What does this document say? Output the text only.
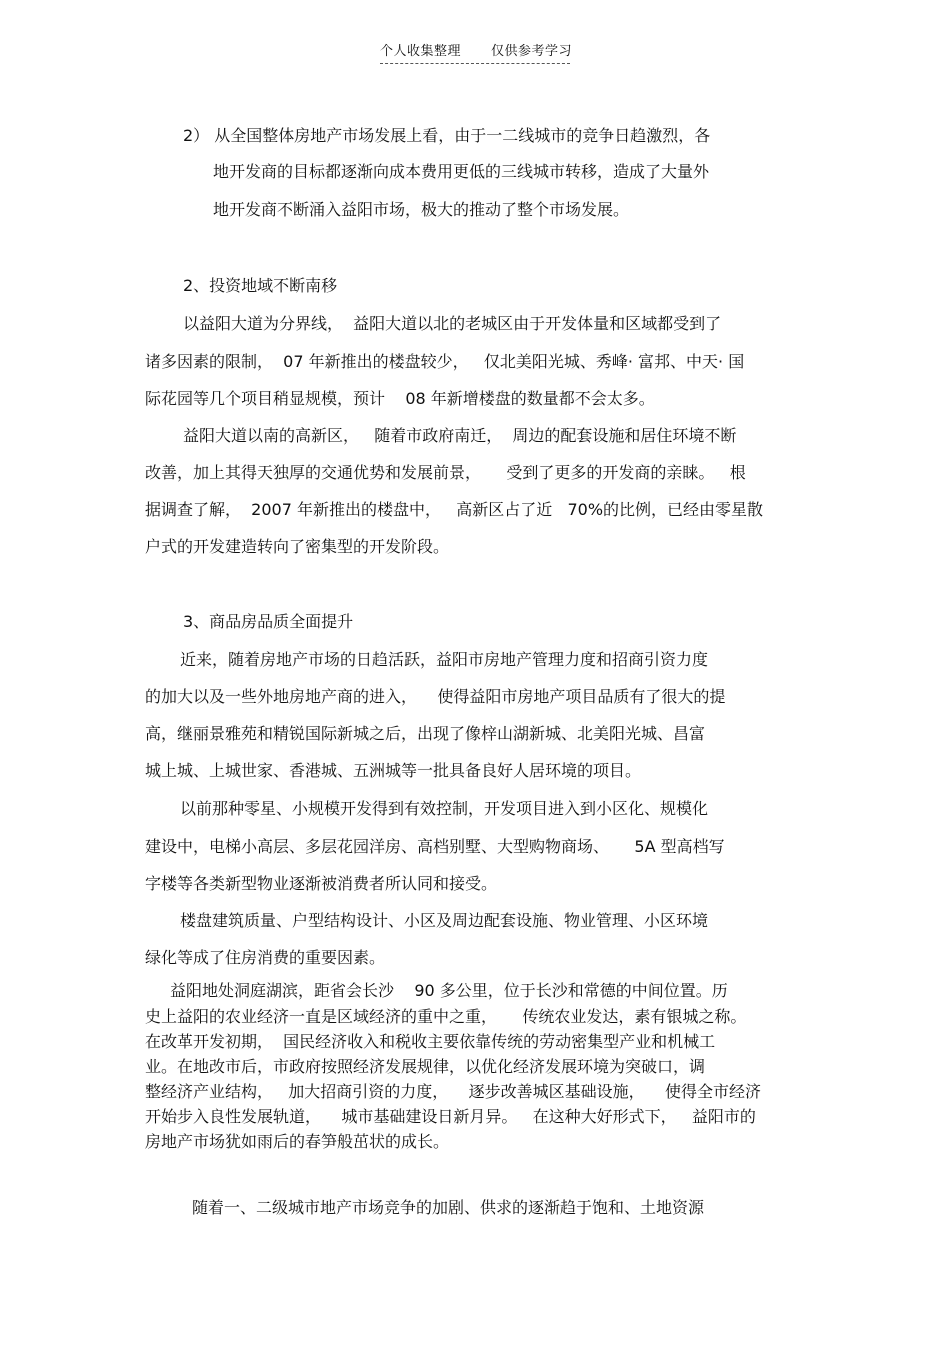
个人收集整理 仅供参考学习
2） 从全国整体房地产市场发展上看，由于一二线城市的竞争日趋激烈，各
地开发商的目标都逐渐向成本费用更低的三线城市转移，造成了大量外
地开发商不断涌入益阳市场，极大的推动了整个市场发展。
2、投资地域不断南移
以益阳大道为分界线，  益阳大道以北的老城区由于开发体量和区域都受到了
诸多因素的限制，  07 年新推出的楼盘较少，   仅北美阳光城、秀峰· 富邦、中天· 国
际花园等几个项目稍显规模，预计    08 年新增楼盘的数量都不会太多。
益阳大道以南的高新区，   随着市政府南迁，  周边的配套设施和居住环境不断
改善，加上其得天独厚的交通优势和发展前景，     受到了更多的开发商的亲睐。   根
据调查了解，  2007 年新推出的楼盘中，   高新区占了近   70%的比例，已经由零星散
户式的开发建造转向了密集型的开发阶段。
3、商品房品质全面提升
近来，随着房地产市场的日趋活跃，益阳市房地产管理力度和招商引资力度
的加大以及一些外地房地产商的进入，    使得益阳市房地产项目品质有了很大的提
高，继丽景雅苑和精锐国际新城之后，出现了像梓山湖新城、北美阳光城、昌富
城上城、上城世家、香港城、五洲城等一批具备良好人居环境的项目。
以前那种零星、小规模开发得到有效控制，开发项目进入到小区化、规模化
建设中，电梯小高层、多层花园洋房、高档别墅、大型购物商场、     5A 型高档写
字楼等各类新型物业逐渐被消费者所认同和接受。
楼盘建筑质量、户型结构设计、小区及周边配套设施、物业管理、小区环境
绿化等成了住房消费的重要因素。
益阳地处洞庭湖滨，距省会长沙    90 多公里，位于长沙和常德的中间位置。历
史上益阳的农业经济一直是区域经济的重中之重，     传统农业发达，素有银城之称。
在改革开发初期，  国民经济收入和税收主要依靠传统的劳动密集型产业和机械工
业。在地改市后，市政府按照经济发展规律，以优化经济发展环境为突破口，调
整经济产业结构，   加大招商引资的力度，    逐步改善城区基础设施，    使得全市经济
开始步入良性发展轨道，    城市基础建设日新月异。   在这种大好形式下，   益阳市的
房地产市场犹如雨后的春笋般茁状的成长。
随着一、二级城市地产市场竞争的加剧、供求的逐渐趋于饱和、土地资源
